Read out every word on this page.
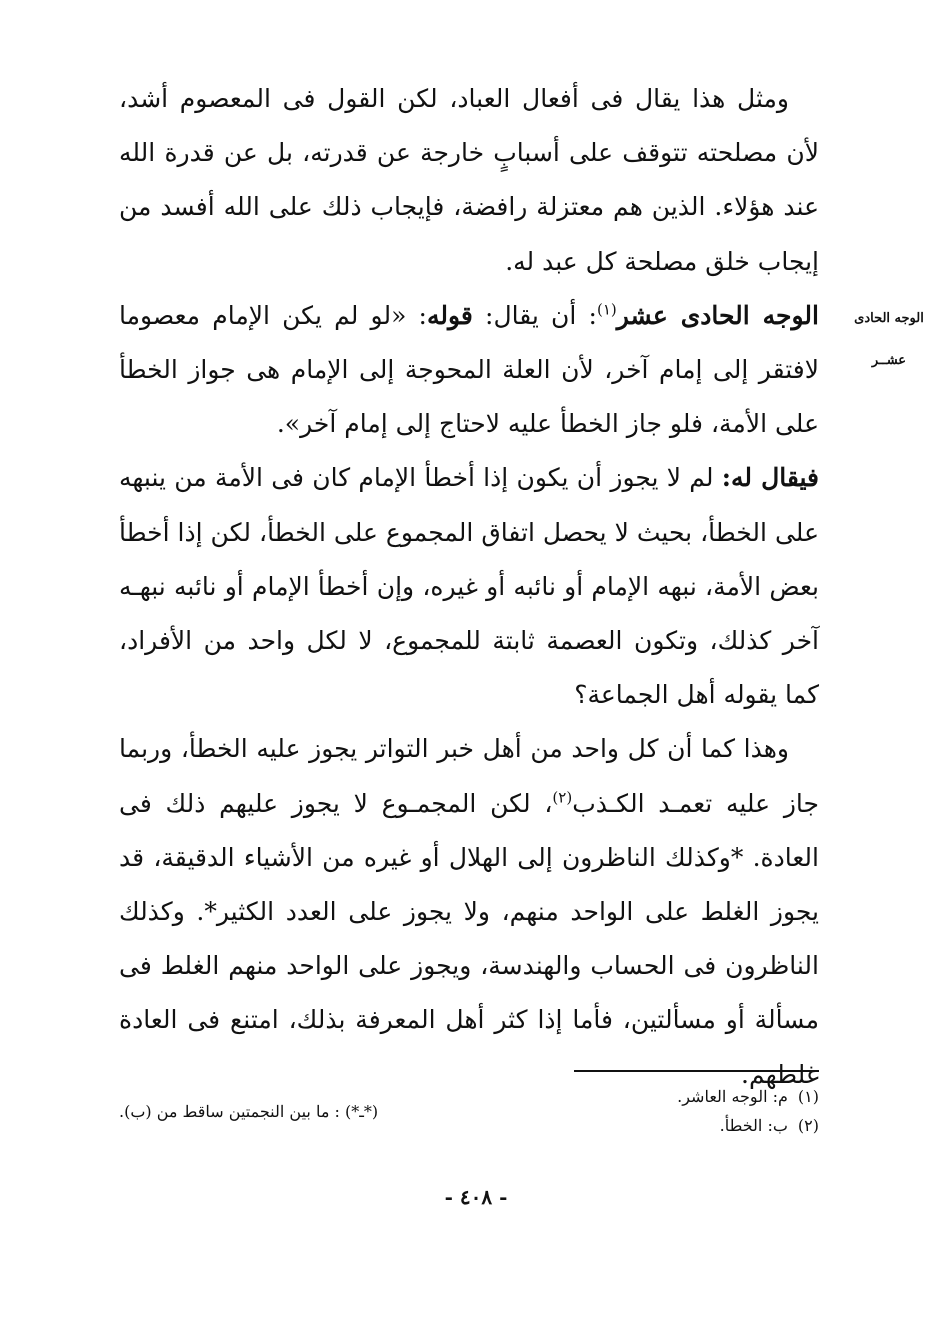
الوجه الحادى
عشــر

ومثل هذا يقال فى أفعال العباد، لكن القول فى المعصوم أشد، لأن مصلحته تتوقف على أسبابٍ خارجة عن قدرته، بل عن قدرة الله عند هؤلاء. الذين هم معتزلة رافضة، فإيجاب ذلك على الله أفسد من إيجاب خلق مصلحة كل عبد له.

الوجه الحادى عشر$^{(١)}$: أن يقال: قوله: «لو لم يكن الإمام معصوما لافتقر إلى إمام آخر، لأن العلة المحوجة إلى الإمام هى جواز الخطأ على الأمة، فلو جاز الخطأ عليه لاحتاج إلى إمام آخر».

فيقال له: لم لا يجوز أن يكون إذا أخطأ الإمام كان فى الأمة من ينبهه على الخطأ، بحيث لا يحصل اتفاق المجموع على الخطأ، لكن إذا أخطأ بعض الأمة، نبهه الإمام أو نائبه أو غيره، وإن أخطأ الإمام أو نائبه نبهـه آخر كذلك، وتكون العصمة ثابتة للمجموع، لا لكل واحد من الأفراد، كما يقوله أهل الجماعة؟

وهذا كما أن كل واحد من أهل خبر التواتر يجوز عليه الخطأ، وربما جاز عليه تعمـد الكـذب$^{(٢)}$، لكن المجمـوع لا يجوز عليهم ذلك فى العادة. *وكذلك الناظرون إلى الهلال أو غيره من الأشياء الدقيقة، قد يجوز الغلط على الواحد منهم، ولا يجوز على العدد الكثير*. وكذلك الناظرون فى الحساب والهندسة، ويجوز على الواحد منهم الغلط فى مسألة أو مسألتين، فأما إذا كثر أهل المعرفة بذلك، امتنع فى العادة غلطهم.

(١)م: الوجه العاشر.
(٢)ب: الخطأ.
(*ـ*) : ما بين النجمتين ساقط من (ب).
- ٤٠٨ -
